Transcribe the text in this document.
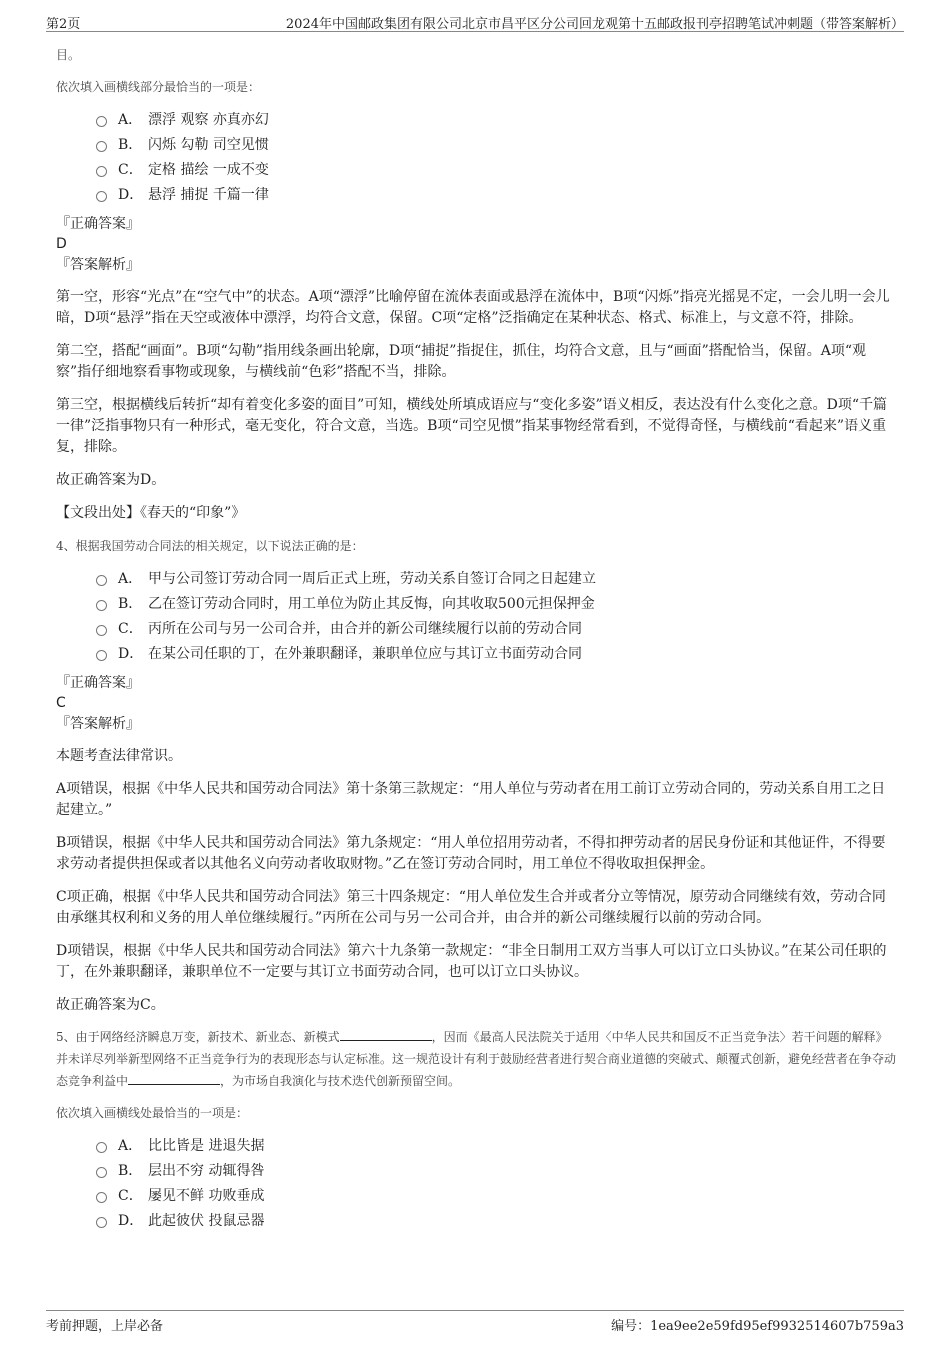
第2页	2024年中国邮政集团有限公司北京市昌平区分公司回龙观第十五邮政报刊亭招聘笔试冲刺题（带答案解析）
目。
依次填入画横线部分最恰当的一项是：
A． 漂浮 观察 亦真亦幻
B． 闪烁 勾勒 司空见惯
C． 定格 描绘 一成不变
D． 悬浮 捕捉 千篇一律
『正确答案』
D
『答案解析』
第一空，形容“光点”在“空气中”的状态。A项“漂浮”比喻停留在流体表面或悬浮在流体中，B项“闪烁”指亮光摇晃不定，一会儿明一会儿暗，D项“悬浮”指在天空或液体中漂浮，均符合文意，保留。C项“定格”泛指确定在某种状态、格式、标准上，与文意不符，排除。
第二空，搭配“画面”。B项“勾勒”指用线条画出轮廓，D项“捕捉”指捉住，抓住，均符合文意，且与“画面”搭配恰当，保留。A项“观察”指仔细地察看事物或现象，与横线前“色彩”搭配不当，排除。
第三空，根据横线后转折“却有着变化多姿的面目”可知，横线处所填成语应与“变化多姿”语义相反，表达没有什么变化之意。D项“千篇一律”泛指事物只有一种形式，毫无变化，符合文意，当选。B项“司空见惯”指某事物经常看到，不觉得奇怪，与横线前“看起来”语义重复，排除。
故正确答案为D。
【文段出处】《春天的“印象”》
4、根据我国劳动合同法的相关规定，以下说法正确的是：
A． 甲与公司签订劳动合同一周后正式上班，劳动关系自签订合同之日起建立
B． 乙在签订劳动合同时，用工单位为防止其反悔，向其收取500元担保押金
C． 丙所在公司与另一公司合并，由合并的新公司继续履行以前的劳动合同
D． 在某公司任职的丁，在外兼职翻译，兼职单位应与其订立书面劳动合同
『正确答案』
C
『答案解析』
本题考查法律常识。
A项错误，根据《中华人民共和国劳动合同法》第十条第三款规定：“用人单位与劳动者在用工前订立劳动合同的，劳动关系自用工之日起建立。”
B项错误，根据《中华人民共和国劳动合同法》第九条规定：“用人单位招用劳动者，不得扣押劳动者的居民身份证和其他证件，不得要求劳动者提供担保或者以其他名义向劳动者收取财物。”乙在签订劳动合同时，用工单位不得收取担保押金。
C项正确，根据《中华人民共和国劳动合同法》第三十四条规定：“用人单位发生合并或者分立等情况，原劳动合同继续有效，劳动合同由承继其权利和义务的用人单位继续履行。”丙所在公司与另一公司合并，由合并的新公司继续履行以前的劳动合同。
D项错误，根据《中华人民共和国劳动合同法》第六十九条第一款规定：“非全日制用工双方当事人可以订立口头协议。”在某公司任职的丁，在外兼职翻译，兼职单位不一定要与其订立书面劳动合同，也可以订立口头协议。
故正确答案为C。
5、由于网络经济瞬息万变，新技术、新业态、新模式	，因而《最高人民法院关于适用〈中华人民共和国反不正当竞争法〉若干问题的解释》并未详尽列举新型网络不正当竞争行为的表现形态与认定标准。这一规范设计有利于鼓励经营者进行契合商业道德的突破式、颠覆式创新，避免经营者在争夺动态竞争利益中	，为市场自我演化与技术迭代创新预留空间。
依次填入画横线处最恰当的一项是：
A． 比比皆是 进退失据
B． 层出不穷 动辄得咎
C． 屡见不鲜 功败垂成
D． 此起彼伏 投鼠忌器
考前押题，上岸必备	编号：1ea9ee2e59fd95ef9932514607b759a3
